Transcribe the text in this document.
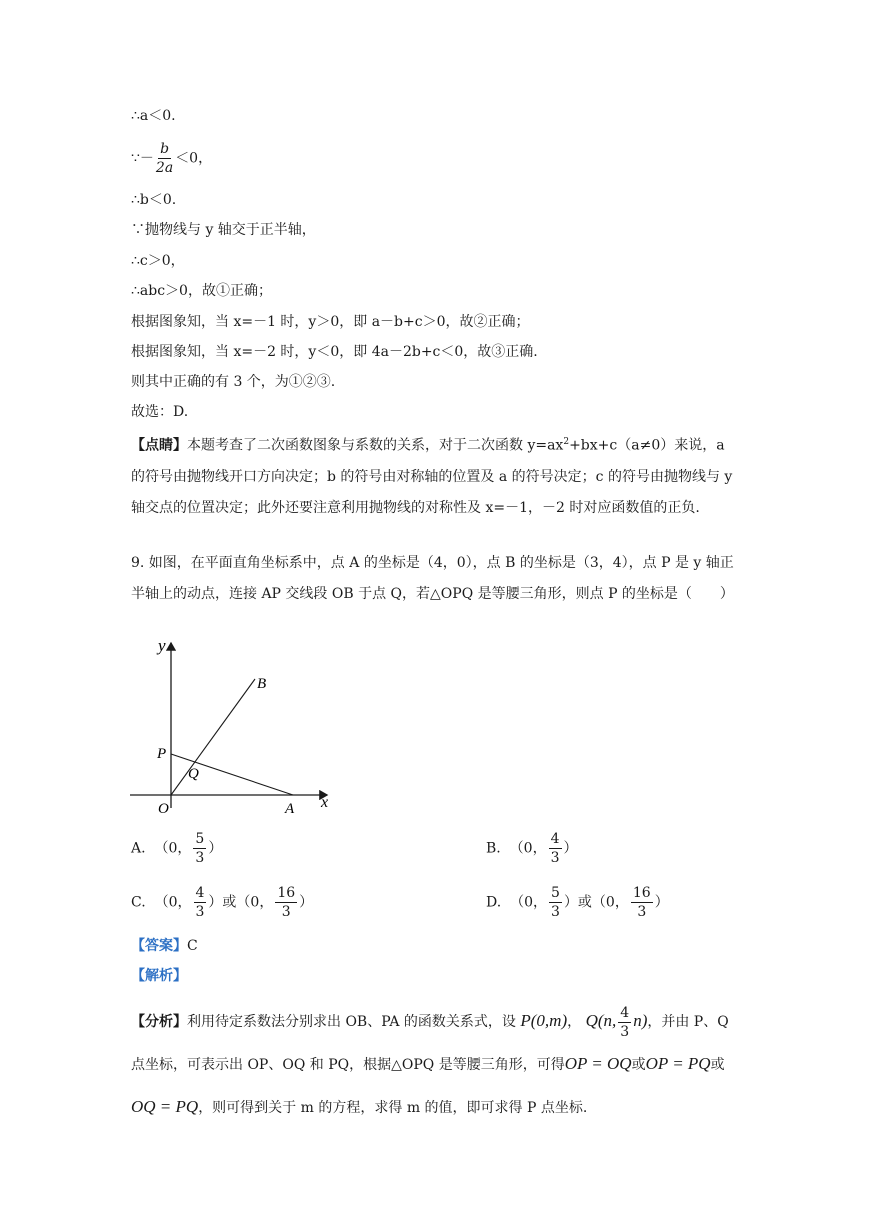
∴a＜0.
∵－ $\frac{b}{2a} <0$，
∴b＜0.
∵抛物线与 y 轴交于正半轴，
∴c＞0，
∴abc＞0，故①正确；
根据图象知，当 x=－1 时，y＞0，即 a－b+c＞0，故②正确；
根据图象知，当 x=－2 时，y＜0，即 4a－2b+c＜0，故③正确.
则其中正确的有 3 个，为①②③.
故选：D.
【点睛】本题考查了二次函数图象与系数的关系，对于二次函数 $y=ax^2+bx+c(a\ne 0)$来说，a 的符号由抛物线开口方向决定；b 的符号由对称轴的位置及 a 的符号决定；c 的符号由抛物线与 y 轴交点的位置决定；此外还要注意利用抛物线的对称性及 x=－1，－2 时对应函数值的正负.
9. 如图，在平面直角坐标系中，点 A 的坐标是（4，0），点 B 的坐标是（3，4），点 P 是 y 轴正半轴上的动点，连接 AP 交线段 OB 于点 Q，若△OPQ 是等腰三角形，则点 P 的坐标是（　　）
y
x
B
P
Q
O	A
A. （0， $\frac{5}{3}$ ）	B. （0， $\frac{4}{3}$ ）
C. （0， $\frac{4}{3}$ ）或（0， $\frac{16}{3}$ ）	D. （0， $\frac{5}{3}$ ）或（0， $\frac{16}{3}$ ）
【答案】C
【解析】
【分析】利用待定系数法分别求出 OB、PA 的函数关系式，设 P(0,m)， Q(n, $\frac{4}{3} n$)，并由 P、Q 点坐标，可表示出 OP、OQ 和 PQ，根据△OPQ 是等腰三角形，可得OP = OQ或OP = PQ或OQ = PQ，则可得到关于 m 的方程，求得 m 的值，即可求得 P 点坐标.
